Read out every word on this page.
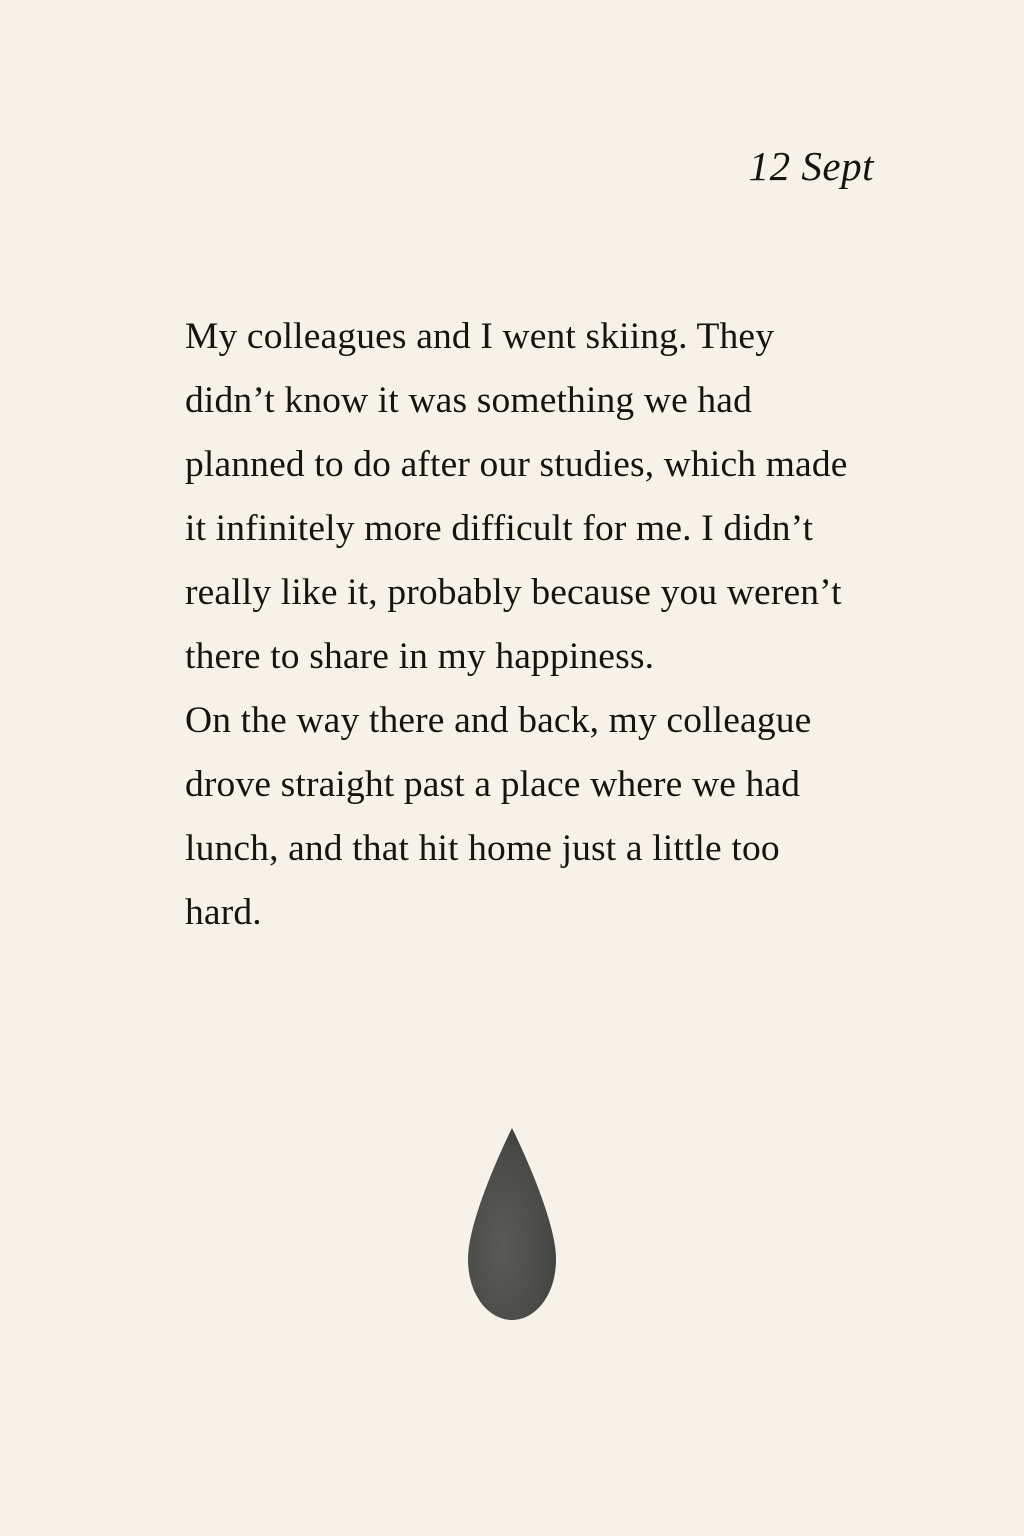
12 Sept

My colleagues and I went skiing. They didn’t know it was something we had planned to do after our studies, which made it infinitely more difficult for me. I didn’t really like it, probably because you weren’t there to share in my happiness.

On the way there and back, my colleague drove straight past a place where we had lunch, and that hit home just a little too hard.
